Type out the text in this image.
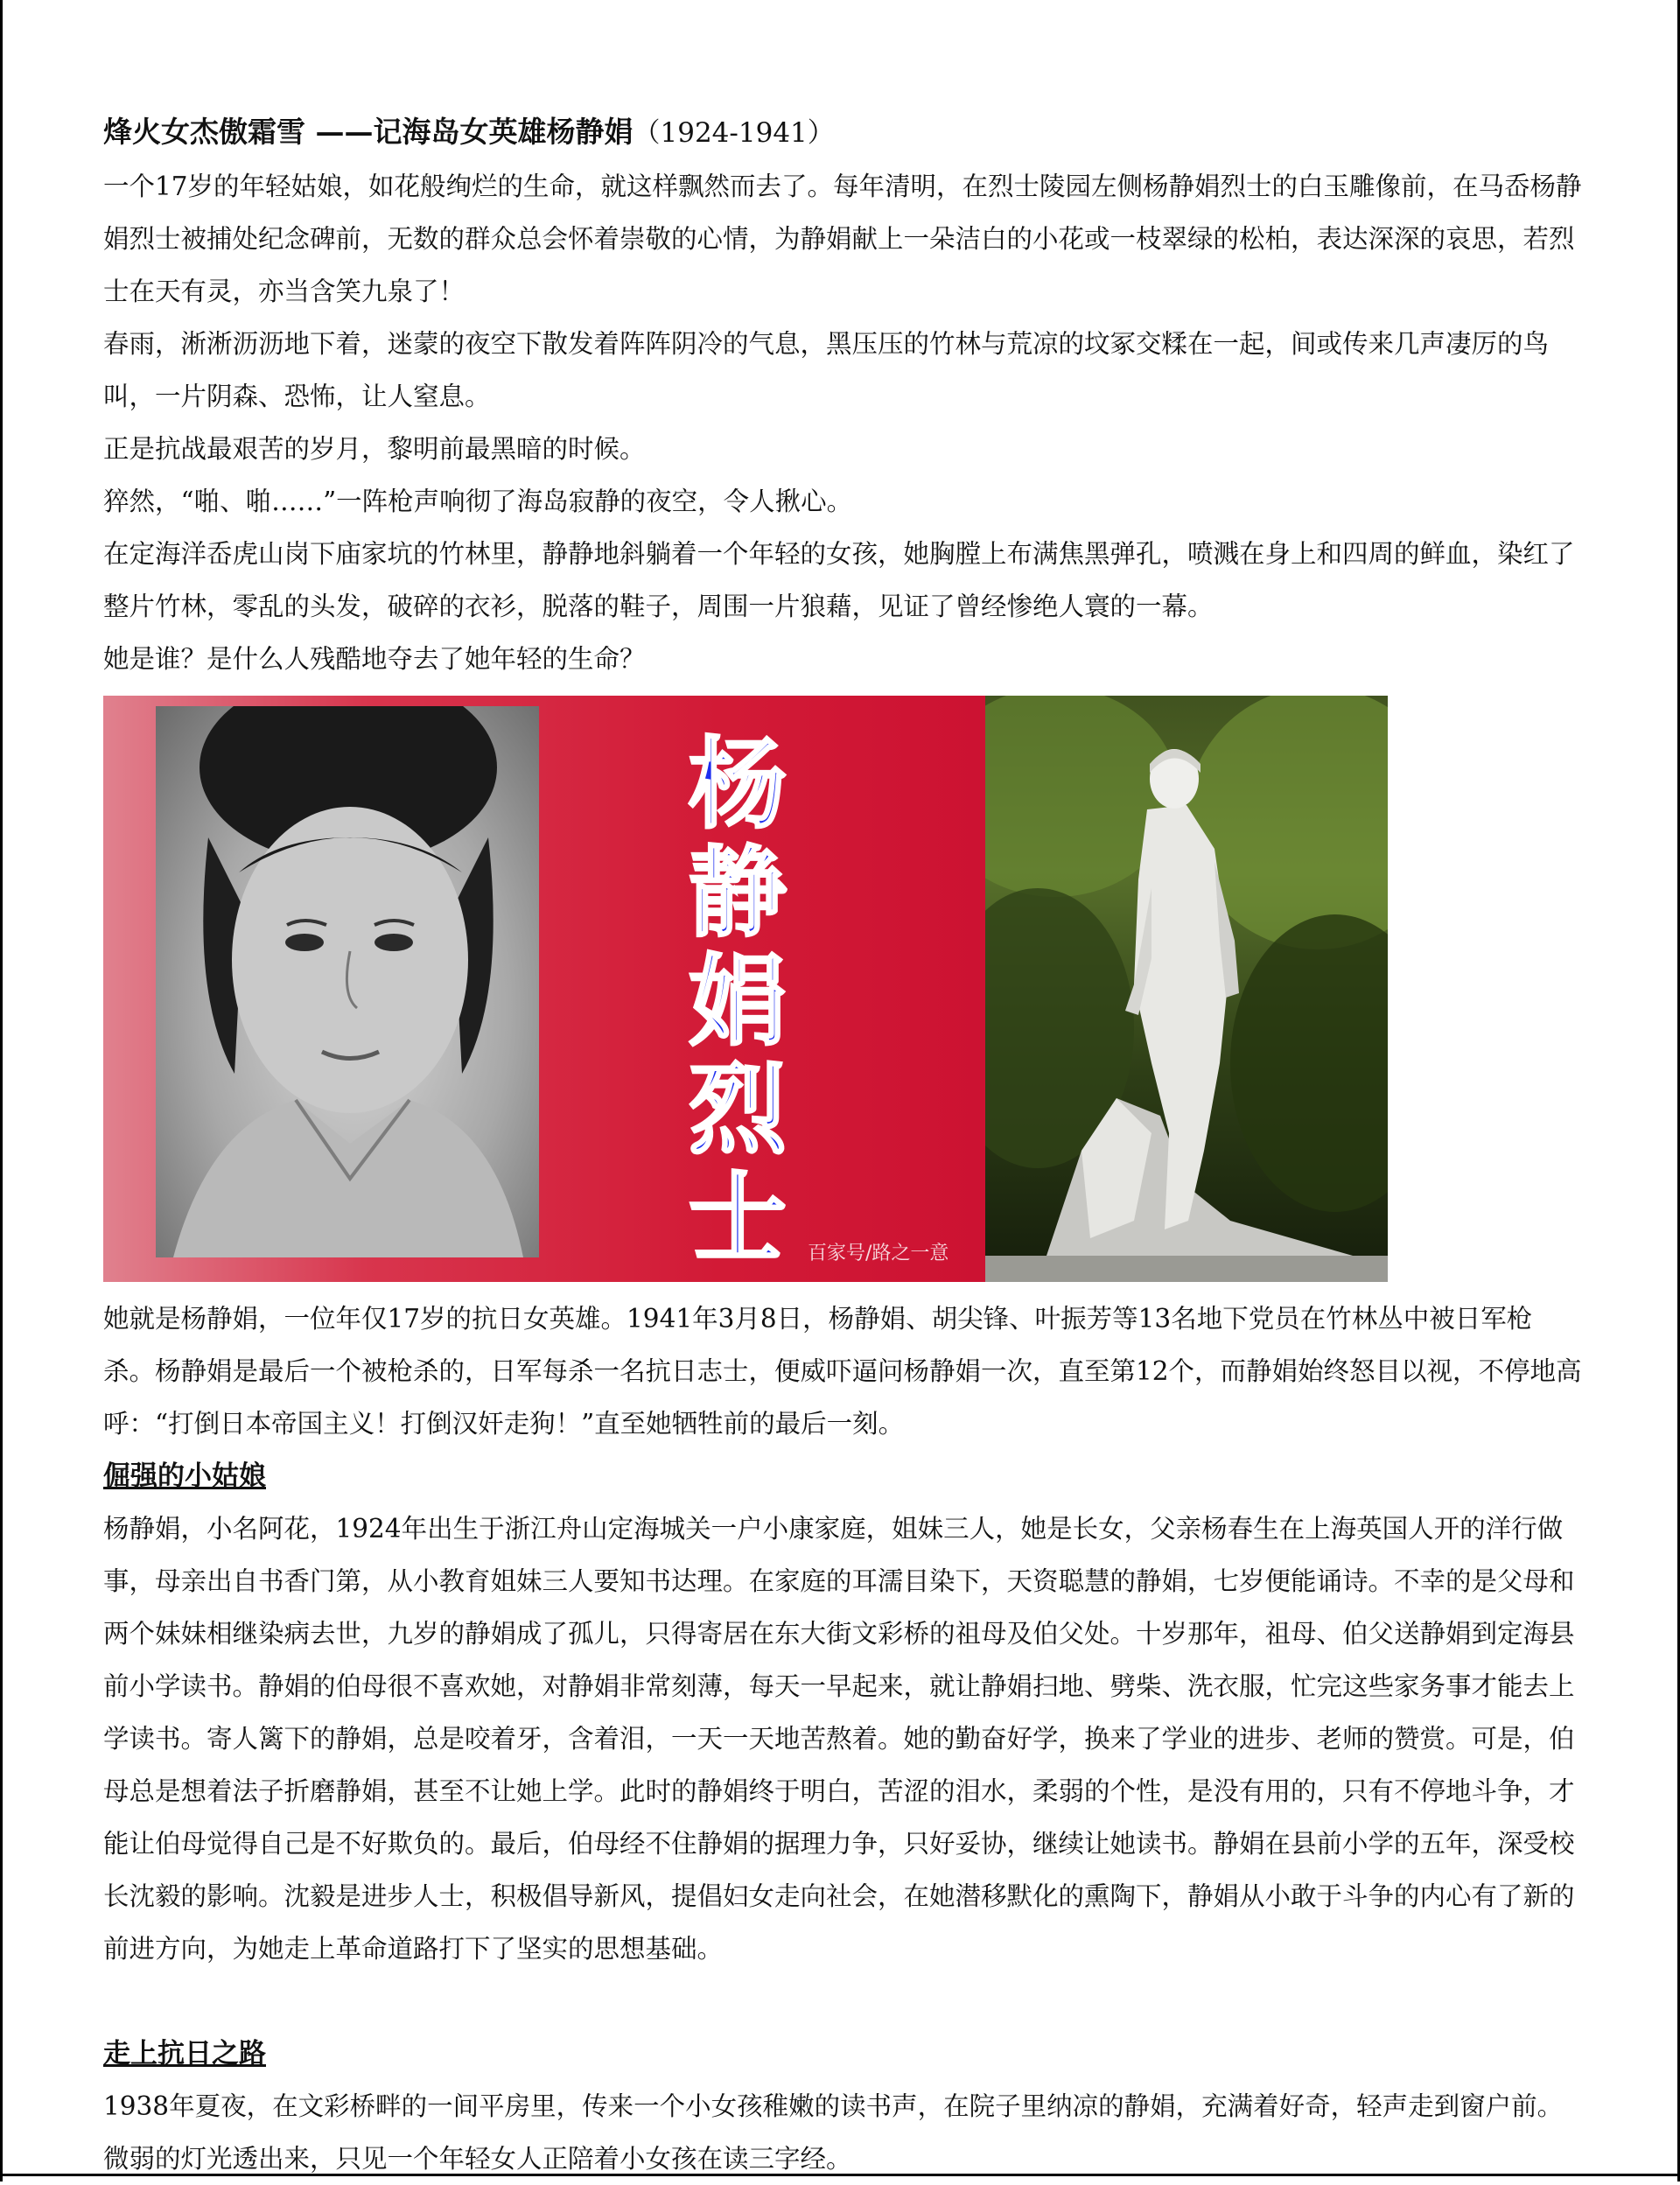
烽火女杰傲霜雪 ——记海岛女英雄杨静娟（1924-1941）

一个17岁的年轻姑娘，如花般绚烂的生命，就这样飘然而去了。每年清明，在烈士陵园左侧杨静娟烈士的白玉雕像前，在马岙杨静娟烈士被捕处纪念碑前，无数的群众总会怀着崇敬的心情，为静娟献上一朵洁白的小花或一枝翠绿的松柏，表达深深的哀思，若烈士在天有灵，亦当含笑九泉了！

春雨，淅淅沥沥地下着，迷蒙的夜空下散发着阵阵阴冷的气息，黑压压的竹林与荒凉的坟冢交糅在一起，间或传来几声凄厉的鸟叫，一片阴森、恐怖，让人窒息。

正是抗战最艰苦的岁月，黎明前最黑暗的时候。

猝然，“啪、啪……”一阵枪声响彻了海岛寂静的夜空，令人揪心。

在定海洋岙虎山岗下庙家坑的竹林里，静静地斜躺着一个年轻的女孩，她胸膛上布满焦黑弹孔，喷溅在身上和四周的鲜血，染红了整片竹林，零乱的头发，破碎的衣衫，脱落的鞋子，周围一片狼藉，见证了曾经惨绝人寰的一幕。

她是谁？是什么人残酷地夺去了她年轻的生命？

杨
静
娟
烈
士	百家号/路之一意

她就是杨静娟，一位年仅17岁的抗日女英雄。1941年3月8日，杨静娟、胡尖锋、叶振芳等13名地下党员在竹林丛中被日军枪杀。杨静娟是最后一个被枪杀的，日军每杀一名抗日志士，便威吓逼问杨静娟一次，直至第12个，而静娟始终怒目以视，不停地高呼：“打倒日本帝国主义！打倒汉奸走狗！”直至她牺牲前的最后一刻。

倔强的小姑娘

杨静娟，小名阿花，1924年出生于浙江舟山定海城关一户小康家庭，姐妹三人，她是长女，父亲杨春生在上海英国人开的洋行做事，母亲出自书香门第，从小教育姐妹三人要知书达理。在家庭的耳濡目染下，天资聪慧的静娟，七岁便能诵诗。不幸的是父母和两个妹妹相继染病去世，九岁的静娟成了孤儿，只得寄居在东大街文彩桥的祖母及伯父处。十岁那年，祖母、伯父送静娟到定海县前小学读书。静娟的伯母很不喜欢她，对静娟非常刻薄，每天一早起来，就让静娟扫地、劈柴、洗衣服，忙完这些家务事才能去上学读书。寄人篱下的静娟，总是咬着牙，含着泪，一天一天地苦熬着。她的勤奋好学，换来了学业的进步、老师的赞赏。可是，伯母总是想着法子折磨静娟，甚至不让她上学。此时的静娟终于明白，苦涩的泪水，柔弱的个性，是没有用的，只有不停地斗争，才能让伯母觉得自己是不好欺负的。最后，伯母经不住静娟的据理力争，只好妥协，继续让她读书。静娟在县前小学的五年，深受校长沈毅的影响。沈毅是进步人士，积极倡导新风，提倡妇女走向社会，在她潜移默化的熏陶下，静娟从小敢于斗争的内心有了新的前进方向，为她走上革命道路打下了坚实的思想基础。

走上抗日之路

1938年夏夜，在文彩桥畔的一间平房里，传来一个小女孩稚嫩的读书声，在院子里纳凉的静娟，充满着好奇，轻声走到窗户前。微弱的灯光透出来，只见一个年轻女人正陪着小女孩在读三字经。
